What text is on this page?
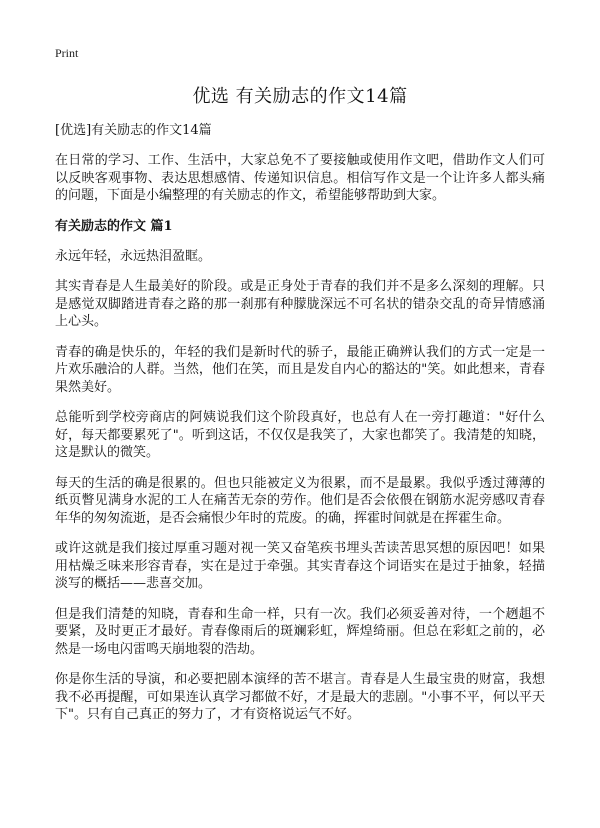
Print
优选 有关励志的作文14篇
[优选]有关励志的作文14篇

在日常的学习、工作、生活中，大家总免不了要接触或使用作文吧，借助作文人们可以反映客观事物、表达思想感情、传递知识信息。相信写作文是一个让许多人都头痛的问题，下面是小编整理的有关励志的作文，希望能够帮助到大家。

有关励志的作文 篇1

永远年轻，永远热泪盈眶。

其实青春是人生最美好的阶段。或是正身处于青春的我们并不是多么深刻的理解。只是感觉双脚踏进青春之路的那一刹那有种朦胧深远不可名状的错杂交乱的奇异情感涌上心头。

青春的确是快乐的，年轻的我们是新时代的骄子，最能正确辨认我们的方式一定是一片欢乐融洽的人群。当然，他们在笑，而且是发自内心的豁达的"笑。如此想来，青春果然美好。

总能听到学校旁商店的阿姨说我们这个阶段真好，也总有人在一旁打趣道："好什么好，每天都要累死了"。听到这话，不仅仅是我笑了，大家也都笑了。我清楚的知晓，这是默认的微笑。

每天的生活的确是很累的。但也只能被定义为很累，而不是最累。我似乎透过薄薄的纸页瞥见满身水泥的工人在痛苦无奈的劳作。他们是否会依偎在钢筋水泥旁感叹青春年华的匆匆流逝，是否会痛恨少年时的荒废。的确，挥霍时间就是在挥霍生命。

或许这就是我们接过厚重习题对视一笑又奋笔疾书埋头苦读苦思冥想的原因吧！如果用枯燥乏味来形容青春，实在是过于牵强。其实青春这个词语实在是过于抽象，轻描淡写的概括——悲喜交加。

但是我们清楚的知晓，青春和生命一样，只有一次。我们必须妥善对待，一个趔趄不要紧，及时更正才最好。青春像雨后的斑斓彩虹，辉煌绮丽。但总在彩虹之前的，必然是一场电闪雷鸣天崩地裂的浩劫。

你是你生活的导演，和必要把剧本演绎的苦不堪言。青春是人生最宝贵的财富，我想我不必再提醒，可如果连认真学习都做不好，才是最大的悲剧。"小事不平，何以平天下"。只有自己真正的努力了，才有资格说运气不好。
